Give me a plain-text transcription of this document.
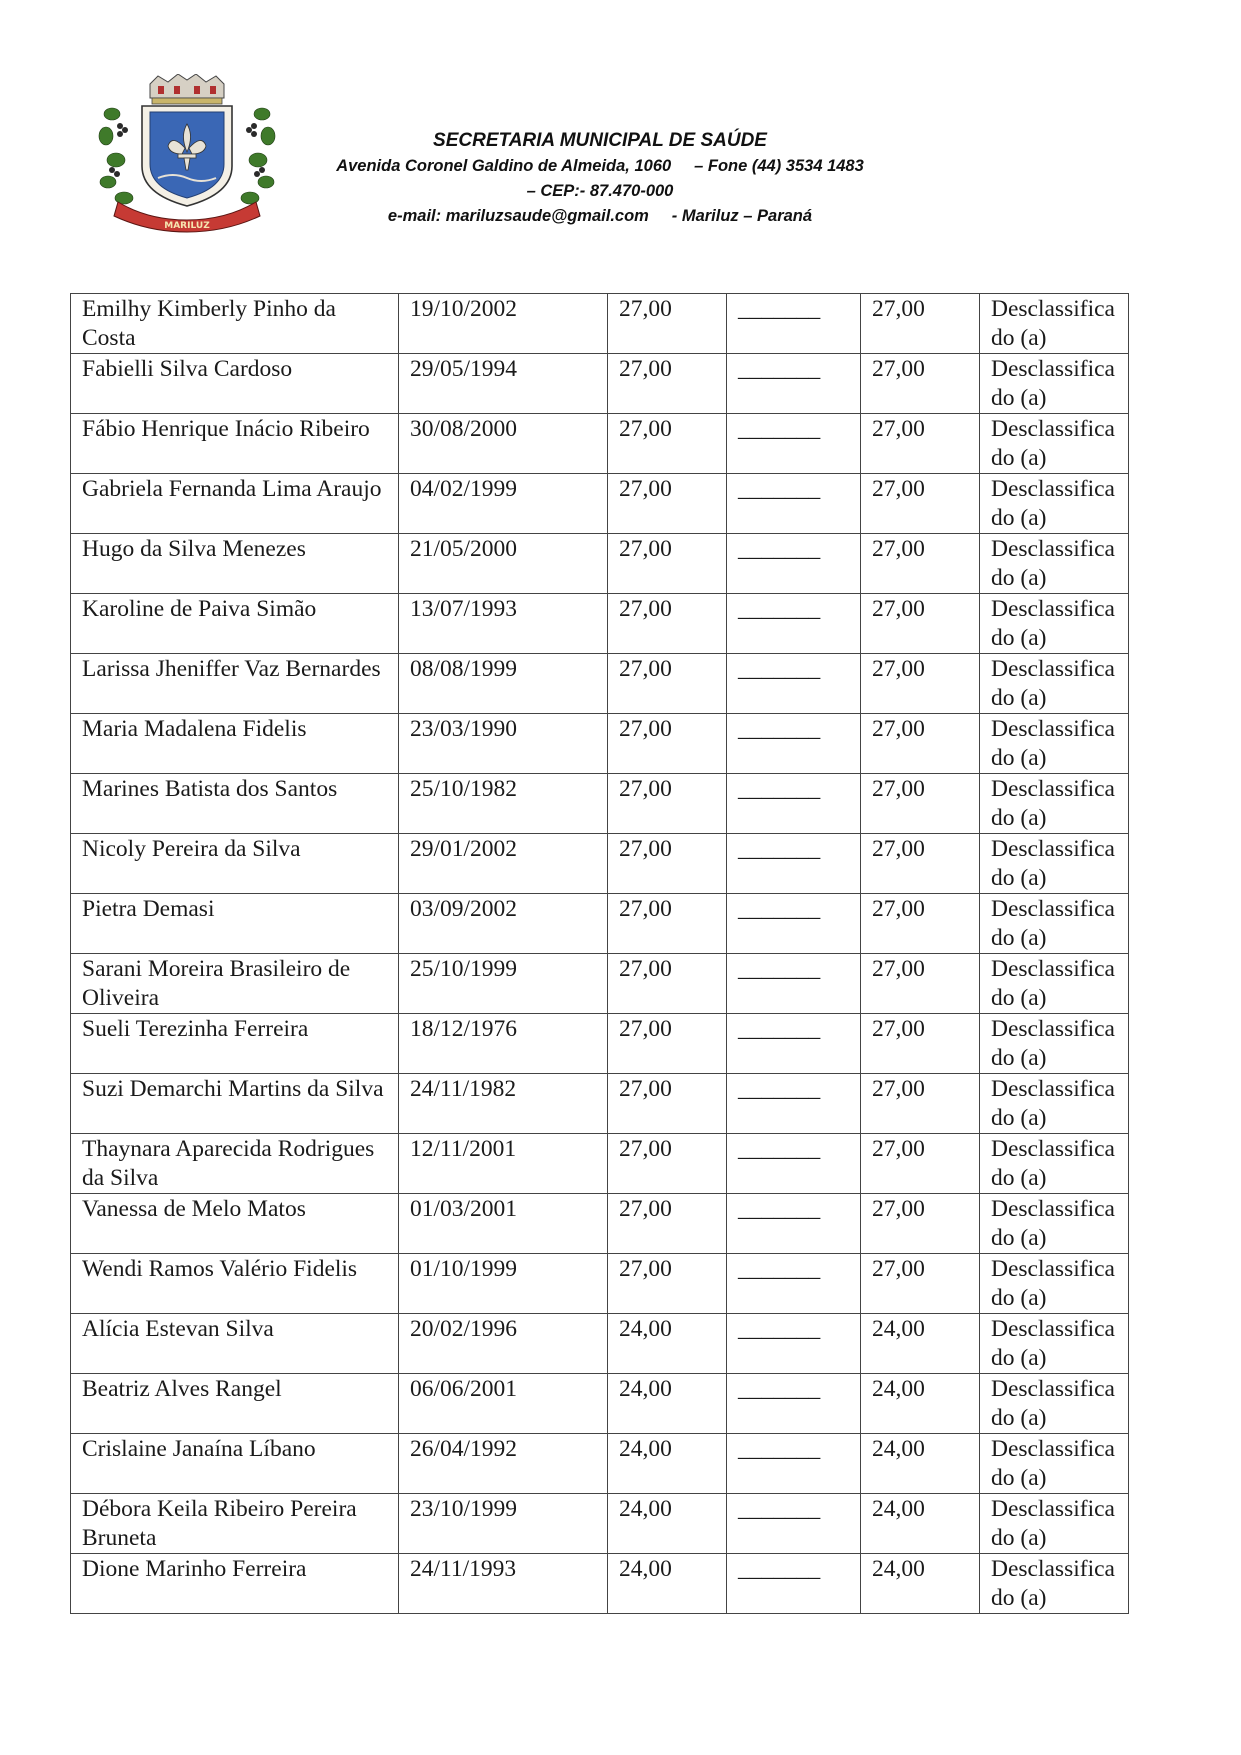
MARILUZ
SECRETARIA MUNICIPAL DE SAÚDE
Avenida Coronel Galdino de Almeida, 1060 – Fone (44) 3534 1483
– CEP:- 87.470-000
e-mail: mariluzsaude@gmail.com - Mariluz – Paraná
Emilhy Kimberly Pinho da Costa	19/10/2002	27,00	_______	27,00	Desclassificado (a)
Fabielli Silva Cardoso	29/05/1994	27,00	_______	27,00	Desclassificado (a)
Fábio Henrique Inácio Ribeiro	30/08/2000	27,00	_______	27,00	Desclassificado (a)
Gabriela Fernanda Lima Araujo	04/02/1999	27,00	_______	27,00	Desclassificado (a)
Hugo da Silva Menezes	21/05/2000	27,00	_______	27,00	Desclassificado (a)
Karoline de Paiva Simão	13/07/1993	27,00	_______	27,00	Desclassificado (a)
Larissa Jheniffer Vaz Bernardes	08/08/1999	27,00	_______	27,00	Desclassificado (a)
Maria Madalena Fidelis	23/03/1990	27,00	_______	27,00	Desclassificado (a)
Marines Batista dos Santos	25/10/1982	27,00	_______	27,00	Desclassificado (a)
Nicoly Pereira da Silva	29/01/2002	27,00	_______	27,00	Desclassificado (a)
Pietra Demasi	03/09/2002	27,00	_______	27,00	Desclassificado (a)
Sarani Moreira Brasileiro de Oliveira	25/10/1999	27,00	_______	27,00	Desclassificado (a)
Sueli Terezinha Ferreira	18/12/1976	27,00	_______	27,00	Desclassificado (a)
Suzi Demarchi Martins da Silva	24/11/1982	27,00	_______	27,00	Desclassificado (a)
Thaynara Aparecida Rodrigues da Silva	12/11/2001	27,00	_______	27,00	Desclassificado (a)
Vanessa de Melo Matos	01/03/2001	27,00	_______	27,00	Desclassificado (a)
Wendi Ramos Valério Fidelis	01/10/1999	27,00	_______	27,00	Desclassificado (a)
Alícia Estevan Silva	20/02/1996	24,00	_______	24,00	Desclassificado (a)
Beatriz Alves Rangel	06/06/2001	24,00	_______	24,00	Desclassificado (a)
Crislaine Janaína Líbano	26/04/1992	24,00	_______	24,00	Desclassificado (a)
Débora Keila Ribeiro Pereira Bruneta	23/10/1999	24,00	_______	24,00	Desclassificado (a)
Dione Marinho Ferreira	24/11/1993	24,00	_______	24,00	Desclassificado (a)
